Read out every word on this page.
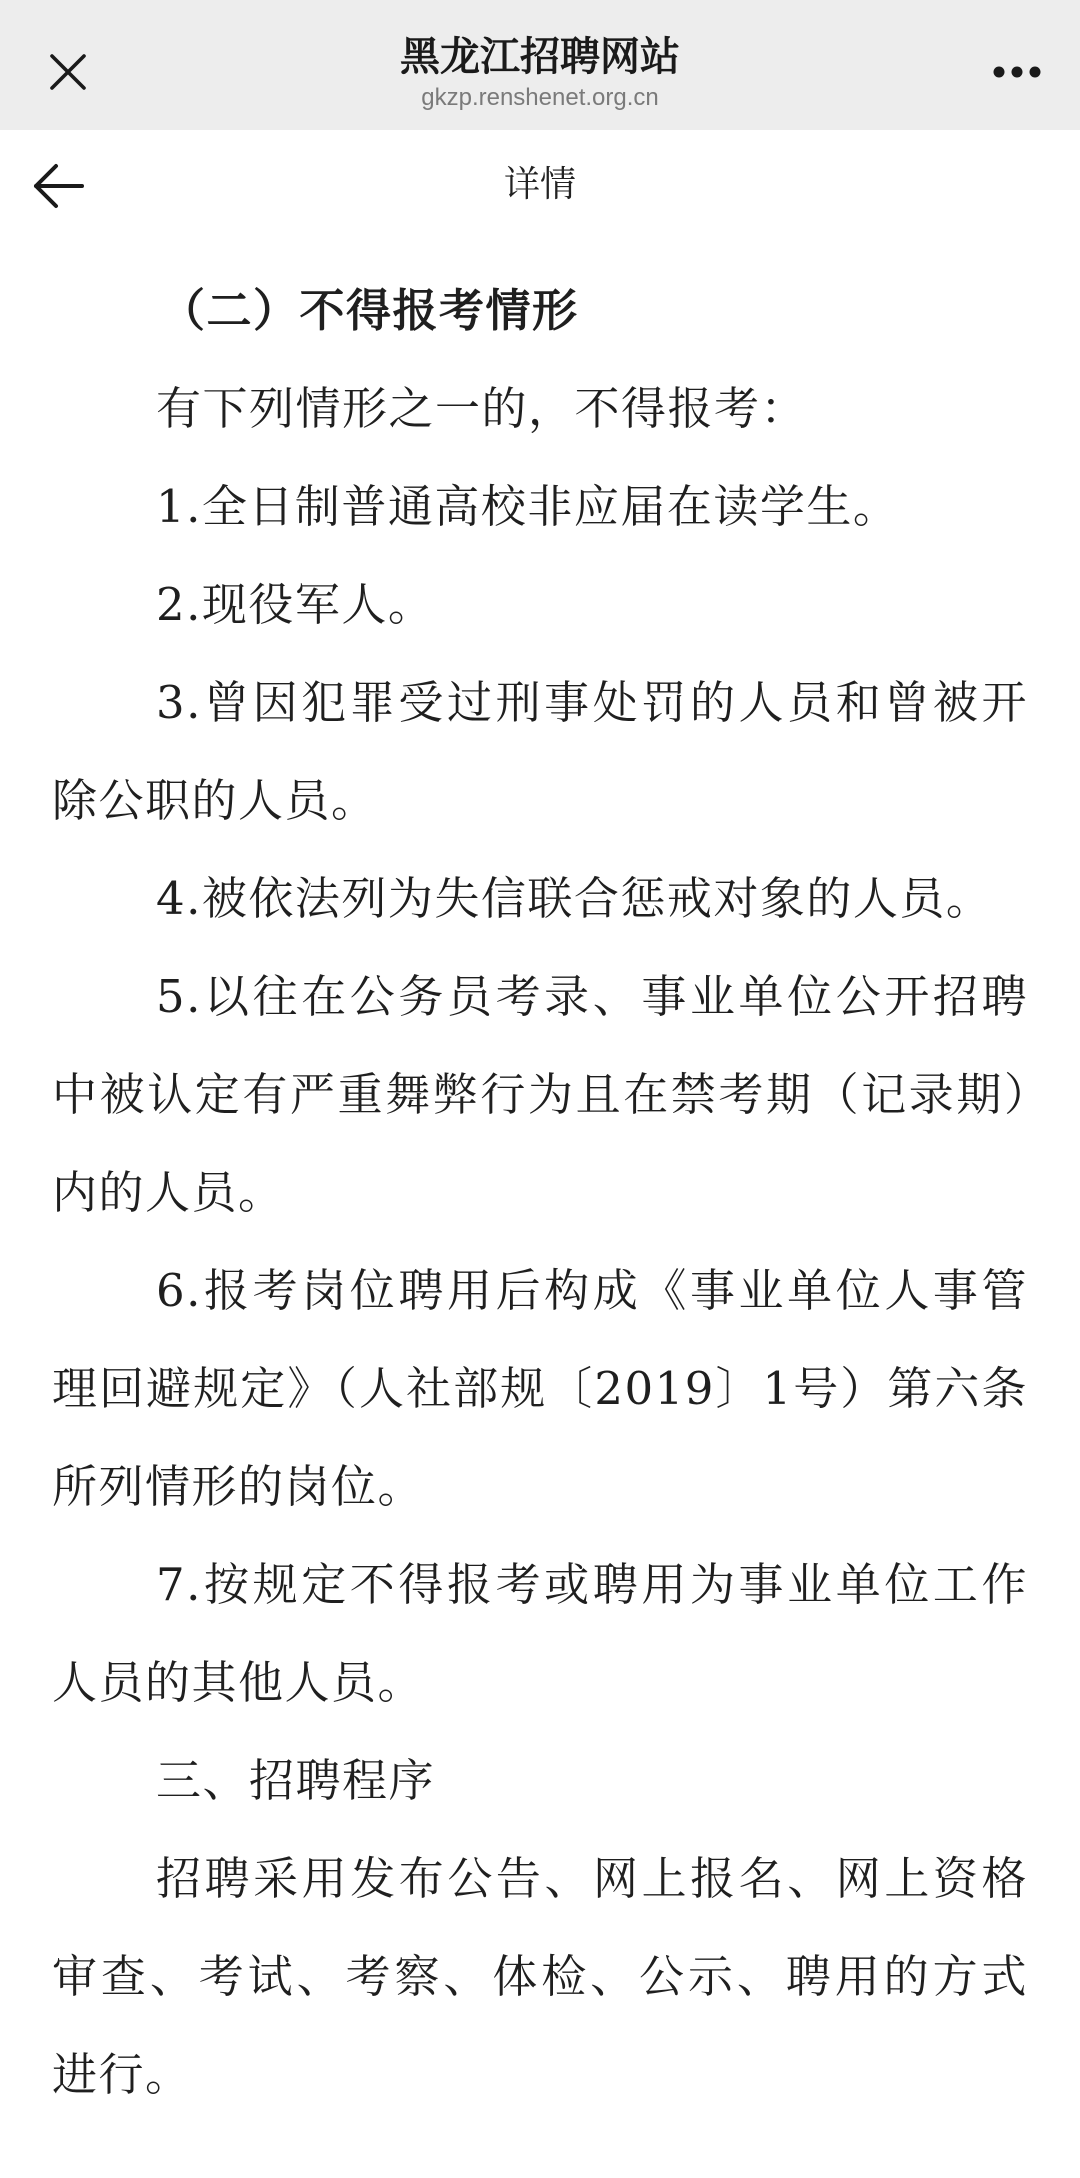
黑龙江招聘网站
gkzp.renshenet.org.cn
详情

（二）不得报考情形

有下列情形之一的，不得报考：

1.全日制普通高校非应届在读学生。

2.现役军人。

3.曾因犯罪受过刑事处罚的人员和曾被开除公职的人员。

4.被依法列为失信联合惩戒对象的人员。

5.以往在公务员考录、事业单位公开招聘中被认定有严重舞弊行为且在禁考期（记录期）内的人员。

6.报考岗位聘用后构成《事业单位人事管理回避规定》（人社部规〔2019〕1号）第六条所列情形的岗位。

7.按规定不得报考或聘用为事业单位工作人员的其他人员。

三、招聘程序

招聘采用发布公告、网上报名、网上资格审查、考试、考察、体检、公示、聘用的方式进行。
